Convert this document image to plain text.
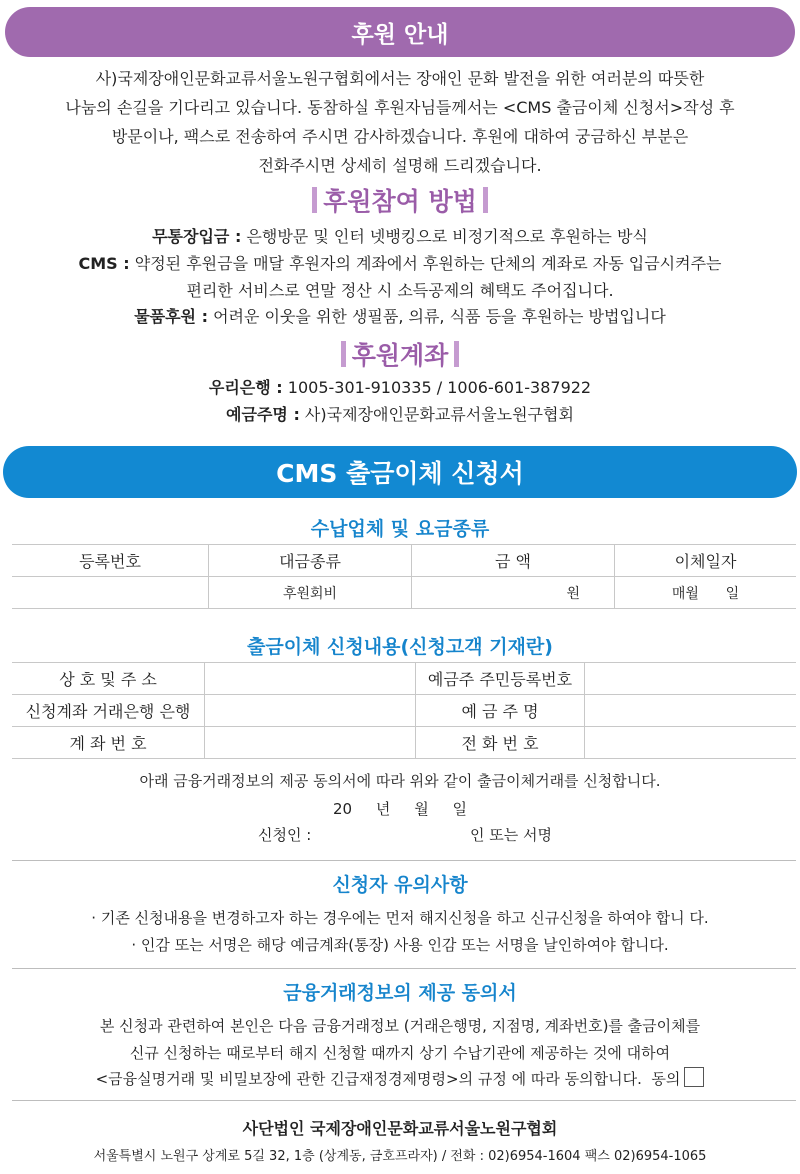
후원 안내
사)국제장애인문화교류서울노원구협회에서는 장애인 문화 발전을 위한 여러분의 따뜻한
나눔의 손길을 기다리고 있습니다. 동참하실 후원자님들께서는 <CMS 출금이체 신청서>작성 후
방문이나, 팩스로 전송하여 주시면 감사하겠습니다. 후원에 대하여 궁금하신 부분은
전화주시면 상세히 설명해 드리겠습니다.
후원참여 방법
무통장입금 : 은행방문 및 인터 넷뱅킹으로 비정기적으로 후원하는 방식
CMS : 약정된 후원금을 매달 후원자의 계좌에서 후원하는 단체의 계좌로 자동 입금시켜주는
편리한 서비스로 연말 정산 시 소득공제의 혜택도 주어집니다.
물품후원 : 어려운 이웃을 위한 생필품, 의류, 식품 등을 후원하는 방법입니다
후원계좌
우리은행 : 1005-301-910335 / 1006-601-387922
예금주명 : 사)국제장애인문화교류서울노원구협회
CMS 출금이체 신청서
수납업체 및 요금종류
등록번호	대금종류	금 액	이체일자
	후원회비	원	매월      일
출금이체 신청내용(신청고객 기재란)
상 호 및 주 소		예금주 주민등록번호	
신청계좌 거래은행 은행		예 금 주 명	
계 좌 번 호		전 화 번 호	
아래 금융거래정보의 제공 동의서에 따라 위와 같이 출금이체거래를 신청합니다.
20     년     월     일
신청인 :	인 또는 서명
신청자 유의사항
· 기존 신청내용을 변경하고자 하는 경우에는 먼저 해지신청을 하고 신규신청을 하여야 합니 다.
· 인감 또는 서명은 해당 예금계좌(통장) 사용 인감 또는 서명을 날인하여야 합니다.
금융거래정보의 제공 동의서
본 신청과 관련하여 본인은 다음 금융거래정보 (거래은행명, 지점명, 계좌번호)를 출금이체를
신규 신청하는 때로부터 해지 신청할 때까지 상기 수납기관에 제공하는 것에 대하여
<금융실명거래 및 비밀보장에 관한 긴급재정경제명령>의 규정 에 따라 동의합니다. 동의
사단법인 국제장애인문화교류서울노원구협회
서울특별시 노원구 상계로 5길 32, 1층 (상계동, 금호프라자) / 전화 : 02)6954-1604 팩스 02)6954-1065
